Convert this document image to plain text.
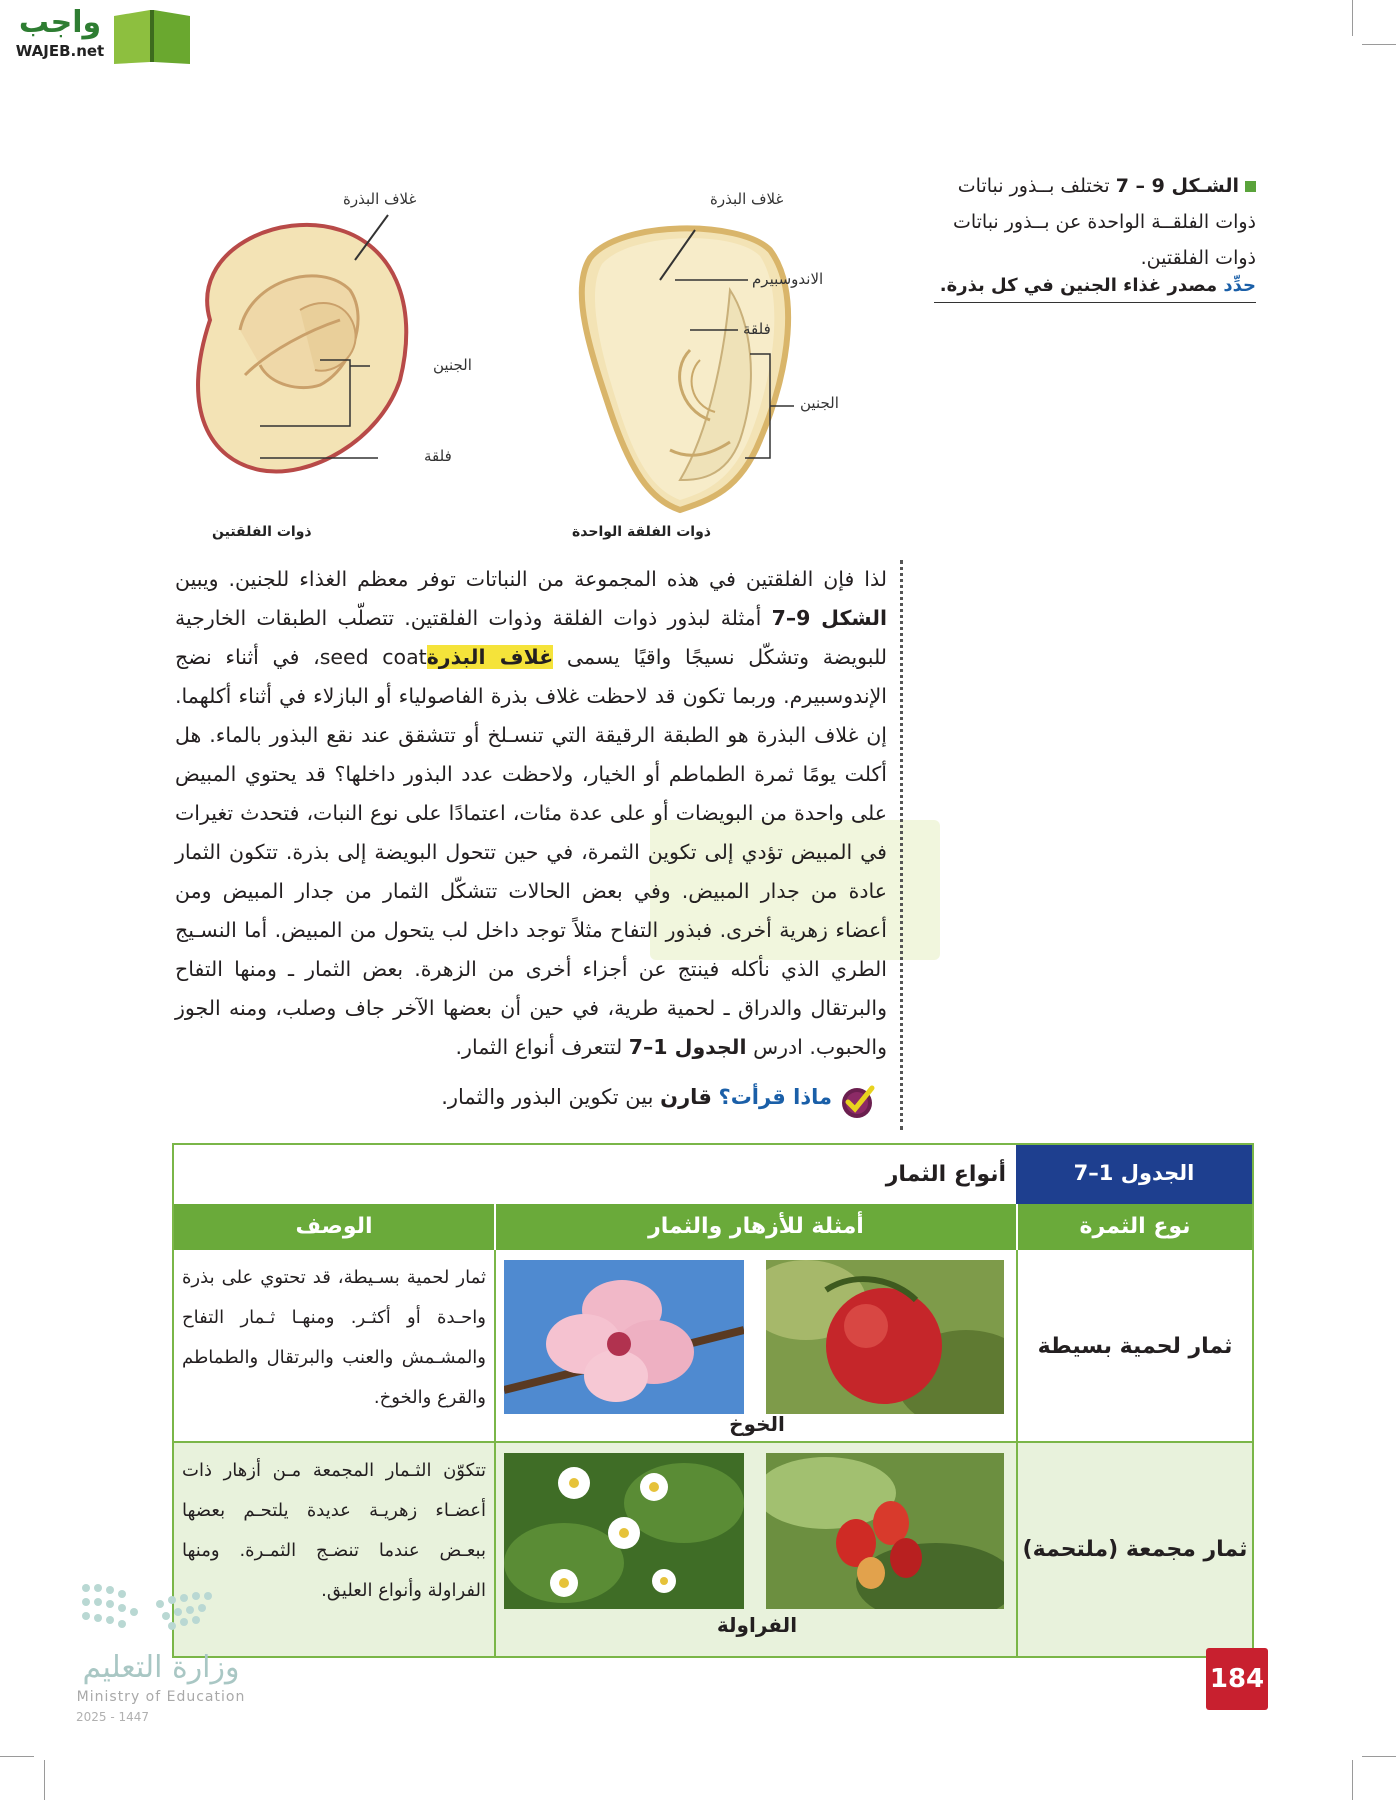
واجب
WAJEB.net
الشـكل 9 – 7 تختلف بــذور نباتات ذوات الفلقــة الواحدة عن بــذور نباتات ذوات الفلقتين.
حدِّد مصدر غذاء الجنين في كل بذرة.
غلاف البذرة
الاندوسبيرم
فلقة
الجنين
ذوات الفلقة الواحدة
غلاف البذرة
الجنين
فلقة
ذوات الفلقتين
لذا فإن الفلقتين في هذه المجموعة من النباتات توفر معظم الغذاء للجنين. ويبين الشكل 9–7 أمثلة لبذور ذوات الفلقة وذوات الفلقتين. تتصلّب الطبقات الخارجية للبويضة وتشكّل نسيجًا واقيًا يسمى غلاف البذرةseed coat، في أثناء نضج الإندوسبيرم. وربما تكون قد لاحظت غلاف بذرة الفاصولياء أو البازلاء في أثناء أكلهما. إن غلاف البذرة هو الطبقة الرقيقة التي تنسـلخ أو تتشقق عند نقع البذور بالماء. هل أكلت يومًا ثمرة الطماطم أو الخيار، ولاحظت عدد البذور داخلها؟ قد يحتوي المبيض على واحدة من البويضات أو على عدة مئات، اعتمادًا على نوع النبات، فتحدث تغيرات في المبيض تؤدي إلى تكوين الثمرة، في حين تتحول البويضة إلى بذرة. تتكون الثمار عادة من جدار المبيض. وفي بعض الحالات تتشكّل الثمار من جدار المبيض ومن أعضاء زهرية أخرى. فبذور التفاح مثلاً توجد داخل لب يتحول من المبيض. أما النسـيج الطري الذي نأكله فينتج عن أجزاء أخرى من الزهرة. بعض الثمار ـ ومنها التفاح والبرتقال والدراق ـ لحمية طرية، في حين أن بعضها الآخر جاف وصلب، ومنه الجوز والحبوب. ادرس الجدول 1–7 لتتعرف أنواع الثمار.
ماذا قرأت؟ قارن بين تكوين البذور والثمار.
الجدول 1–7
أنواع الثمار
نوع الثمرة
أمثلة للأزهار والثمار
الوصف
ثمار لحمية بسيطة
الخوخ
ثمار لحمية بسـيطة، قد تحتوي على بذرة واحـدة أو أكثـر. ومنهـا ثـمار التفاح والمشـمش والعنب والبرتقال والطماطم والقرع والخوخ.
ثمار مجمعة (ملتحمة)
الفراولة
تتكوّن الثـمار المجمعة مـن أزهار ذات أعضـاء زهريـة عديدة يلتحـم بعضها ببعـض عندما تنضـج الثمـرة. ومنها الفراولة وأنواع العليق.
184
وزارة التعليم
Ministry of Education
2025 - 1447
